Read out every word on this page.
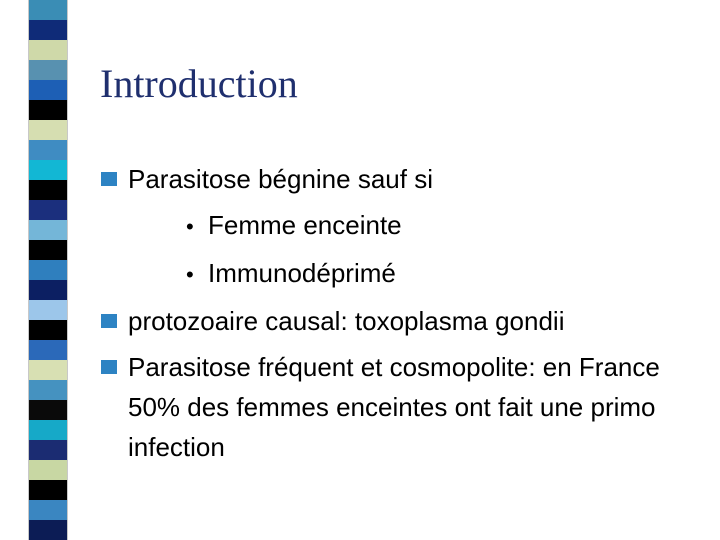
Introduction
Parasitose bégnine sauf si
• Femme enceinte
• Immunodéprimé
protozoaire causal: toxoplasma gondii
Parasitose fréquent et cosmopolite: en France 50% des femmes enceintes ont fait une primo infection
